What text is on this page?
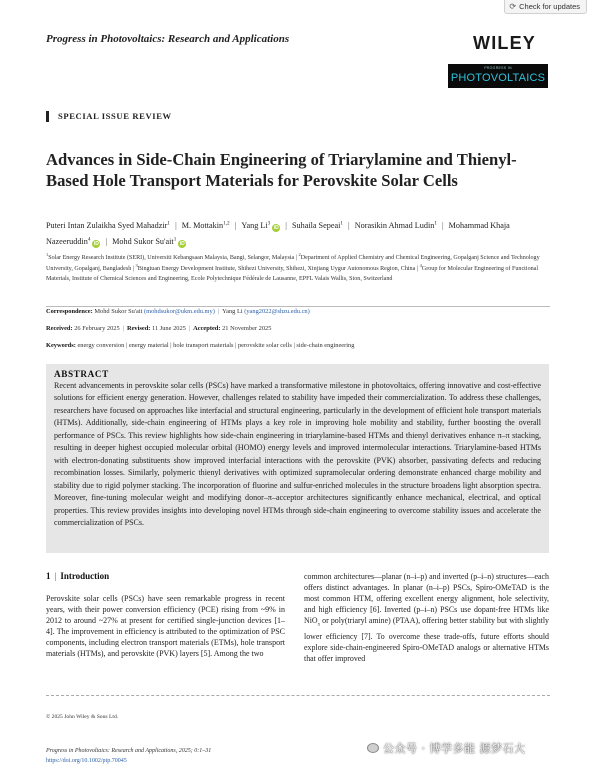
⟳ Check for updates
Progress in Photovoltaics: Research and Applications	WILEY
PROGRESS IN
PHOTOVOLTAICS
SPECIAL ISSUE REVIEW
Advances in Side-Chain Engineering of Triarylamine and Thienyl-Based Hole Transport Materials for Perovskite Solar Cells
Puteri Intan Zulaikha Syed Mahadzir$^1$ | M. Mottakin$^{1,2}$ | Yang Li$^3$iD | Suhaila Sepeai$^1$ | Norasikin Ahmad Ludin$^1$ | Mohammad Khaja Nazeeruddin$^4$iD | Mohd Sukor Su'ait$^1$iD
$^1$Solar Energy Research Institute (SERI), Universiti Kebangsaan Malaysia, Bangi, Selangor, Malaysia | $^2$Department of Applied Chemistry and Chemical Engineering, Gopalganj Science and Technology University, Gopalganj, Bangladesh | $^3$Bingtuan Energy Development Institute, Shihezi University, Shihezi, Xinjiang Uygur Autonomous Region, China | $^4$Group for Molecular Engineering of Functional Materials, Institute of Chemical Sciences and Engineering, Ecole Polytechnique Fédérale de Lausanne, EPFL Valais Wallis, Sion, Switzerland
Correspondence: Mohd Sukor Su'ait (mohdsukor@ukm.edu.my) | Yang Li (yang2022@shzu.edu.cn)
Received: 26 February 2025 | Revised: 11 June 2025 | Accepted: 21 November 2025
Keywords: energy conversion | energy material | hole transport materials | perovskite solar cells | side-chain engineering
ABSTRACT

Recent advancements in perovskite solar cells (PSCs) have marked a transformative milestone in photovoltaics, offering innovative and cost-effective solutions for efficient energy generation. However, challenges related to stability have impeded their commercialization. To address these challenges, researchers have focused on approaches like interfacial and structural engineering, particularly in the development of efficient hole transport materials (HTMs). Additionally, side-chain engineering of HTMs plays a key role in improving hole mobility and stability, further boosting the overall performance of PSCs. This review highlights how side-chain engineering in triarylamine-based HTMs and thienyl derivatives enhance π–π stacking, resulting in deeper highest occupied molecular orbital (HOMO) energy levels and improved intermolecular interactions. Triarylamine-based HTMs with electron-donating substituents show improved interfacial interactions with the perovskite (PVK) absorber, passivating defects and reducing recombination losses. Similarly, polymeric thienyl derivatives with optimized supramolecular ordering demonstrate enhanced charge mobility and stability due to rigid polymer stacking. The incorporation of fluorine and sulfur-enriched molecules in the structure broadens light absorption spectra. Moreover, fine-tuning molecular weight and modifying donor–π–acceptor architectures significantly enhance mechanical, electrical, and optical properties. This review provides insights into developing novel HTMs through side-chain engineering to overcome stability issues and accelerate the commercialization of PSCs.

1 | Introduction

Perovskite solar cells (PSCs) have seen remarkable progress in recent years, with their power conversion efficiency (PCE) rising from ~9% in 2012 to around ~27% at present for certified single-junction devices [1–4]. The improvement in efficiency is attributed to the optimization of PSC components, including electron transport materials (ETMs), hole transport materials (HTMs), and perovskite (PVK) layers [5]. Among the two

common architectures—planar (n–i–p) and inverted (p–i–n) structures—each offers distinct advantages. In planar (n–i–p) PSCs, Spiro-OMeTAD is the most common HTM, offering excellent energy alignment, hole selectivity, and high efficiency [6]. Inverted (p–i–n) PSCs use dopant-free HTMs like NiO$_x$ or poly(triaryl amine) (PTAA), offering better stability but with slightly lower efficiency [7]. To overcome these trade-offs, future efforts should explore side-chain-engineered Spiro-OMeTAD analogs or alternative HTMs that offer improved

© 2025 John Wiley & Sons Ltd.
Progress in Photovoltaics: Research and Applications, 2025; 0:1–31
https://doi.org/10.1002/pip.70045
公众号 · 博学多能 源梦石大
